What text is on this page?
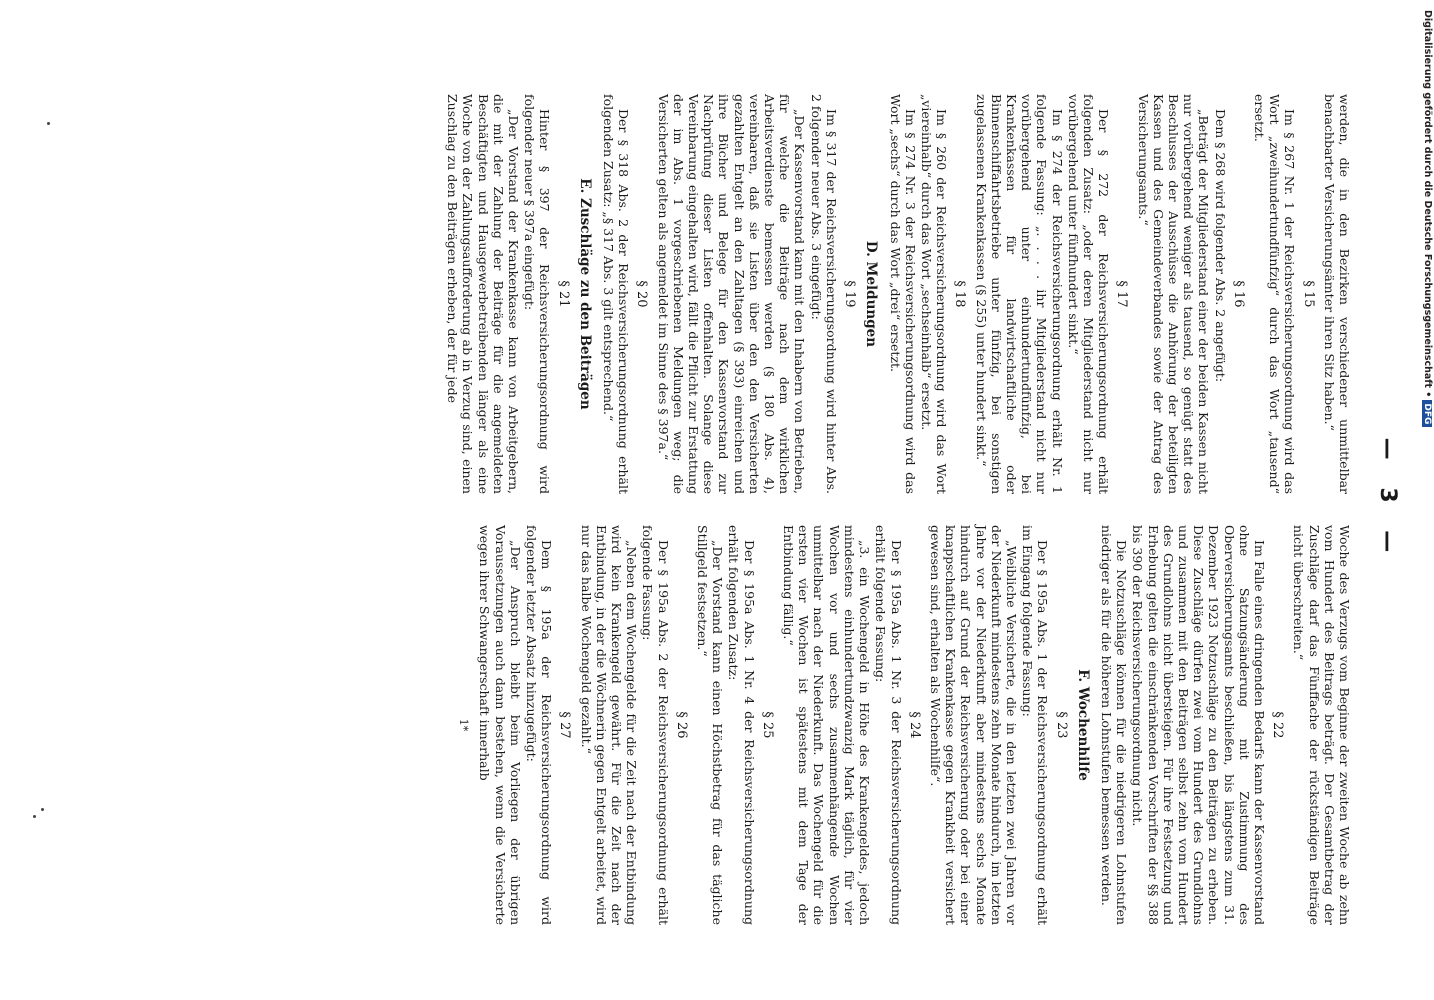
— 3 —

werden, die in den Bezirken verschiedener unmittelbar benachbarter Versicherungsämter ihren Sitz haben.“

§ 15

Im § 267 Nr. 1 der Reichsversicherungsordnung wird das Wort „zweihundertundfünfzig“ durch das Wort „tausend“ ersetzt.

§ 16

Dem § 268 wird folgender Abs. 2 angefügt:

„Beträgt der Mitgliederstand einer der beiden Kassen nicht nur vorübergehend weniger als tausend, so genügt statt des Beschlusses der Ausschüsse die Anhörung der beteiligten Kassen und des Gemeindeverbandes sowie der Antrag des Versicherungsamts.“

§ 17

Der § 272 der Reichsversicherungsordnung erhält folgenden Zusatz: „oder deren Mitgliederstand nicht nur vorübergehend unter fünfhundert sinkt.“

Im § 274 der Reichsversicherungsordnung erhält Nr. 1 folgende Fassung: „. . . . ihr Mitgliederstand nicht nur vorübergehend unter einhundertundfünfzig, bei Krankenkassen für landwirtschaftliche oder Binnenschiffahrtsbetriebe unter fünfzig, bei sonstigen zugelassenen Krankenkassen (§ 255) unter hundert sinkt.“

§ 18

Im § 260 der Reichsversicherungsordnung wird das Wort „viereinhalb“ durch das Wort „sechseinhalb“ ersetzt.

Im § 274 Nr. 3 der Reichsversicherungsordnung wird das Wort „sechs“ durch das Wort „drei“ ersetzt.

D. Meldungen
§ 19

Im § 317 der Reichsversicherungsordnung wird hinter Abs. 2 folgender neuer Abs. 3 eingefügt:

„Der Kassenvorstand kann mit den Inhabern von Betrieben, für welche die Beiträge nach dem wirklichen Arbeitsverdienste bemessen werden (§ 180 Abs. 4), vereinbaren, daß sie Listen über den den Versicherten gezahlten Entgelt an den Zahltagen (§ 393) einreichen und ihre Bücher und Belege für den Kassenvorstand zur Nachprüfung dieser Listen offenhalten. Solange diese Vereinbarung eingehalten wird, fällt die Pflicht zur Erstattung der im Abs. 1 vorgeschriebenen Meldungen weg; die Versicherten gelten als angemeldet im Sinne des § 397a.“

§ 20

Der § 318 Abs. 2 der Reichsversicherungsordnung erhält folgenden Zusatz: „§ 317 Abs. 3 gilt entsprechend.“

E. Zuschläge zu den Beiträgen
§ 21

Hinter § 397 der Reichsversicherungsordnung wird folgender neuer § 397a eingefügt:

„Der Vorstand der Krankenkasse kann von Arbeitgebern, die mit der Zahlung der Beiträge für die angemeldeten Beschäftigten und Hausgewerbetreibenden länger als eine Woche von der Zahlungsaufforderung ab in Verzug sind, einen Zuschlag zu den Beiträgen erheben, der für jede

Woche des Verzugs vom Beginne der zweiten Woche ab zehn vom Hundert des Beitrags beträgt. Der Gesamtbetrag der Zuschläge darf das Fünffache der rückständigen Beiträge nicht überschreiten.“

§ 22

Im Falle eines dringenden Bedarfs kann der Kassenvorstand ohne Satzungsänderung mit Zustimmung des Oberversicherungsamts beschließen, bis längstens zum 31. Dezember 1923 Notzuschläge zu den Beiträgen zu erheben. Diese Zuschläge dürfen zwei vom Hundert des Grundlohns und zusammen mit den Beiträgen selbst zehn vom Hundert des Grundlohns nicht übersteigen. Für ihre Festsetzung und Erhebung gelten die einschränkenden Vorschriften der §§ 388 bis 390 der Reichsversicherungsordnung nicht.

Die Notzuschläge können für die niedrigeren Lohnstufen niedriger als für die höheren Lohnstufen bemessen werden.

F. Wochenhilfe
§ 23

Der § 195a Abs. 1 der Reichsversicherungsordnung erhält im Eingang folgende Fassung:

„Weibliche Versicherte, die in den letzten zwei Jahren vor der Niederkunft mindestens zehn Monate hindurch, im letzten Jahre vor der Niederkunft aber mindestens sechs Monate hindurch auf Grund der Reichsversicherung oder bei einer knappschaftlichen Krankenkasse gegen Krankheit versichert gewesen sind, erhalten als Wochenhilfe“.

§ 24

Der § 195a Abs. 1 Nr. 3 der Reichsversicherungsordnung erhält folgende Fassung:

„3. ein Wochengeld in Höhe des Krankengeldes, jedoch mindestens einhundertundzwanzig Mark täglich, für vier Wochen vor und sechs zusammenhängende Wochen unmittelbar nach der Niederkunft. Das Wochengeld für die ersten vier Wochen ist spätestens mit dem Tage der Entbindung fällig.“

§ 25

Der § 195a Abs. 1 Nr. 4 der Reichsversicherungsordnung erhält folgenden Zusatz:

„Der Vorstand kann einen Höchstbetrag für das tägliche Stillgeld festsetzen.“

§ 26

Der § 195a Abs. 2 der Reichsversicherungsordnung erhält folgende Fassung:

„Neben dem Wochengelde für die Zeit nach der Entbindung wird kein Krankengeld gewährt. Für die Zeit nach der Entbindung, in der die Wöchnerin gegen Entgelt arbeitet, wird nur das halbe Wochengeld gezahlt.“

§ 27

Dem § 195a der Reichsversicherungsordnung wird folgender letzter Absatz hinzugefügt:

„Der Anspruch bleibt beim Vorliegen der übrigen Voraussetzungen auch dann bestehen, wenn die Versicherte wegen ihrer Schwangerschaft innerhalb

1*
Digitalisierung gefördert durch die Deutsche Forschungsgemeinschaft •DFG
